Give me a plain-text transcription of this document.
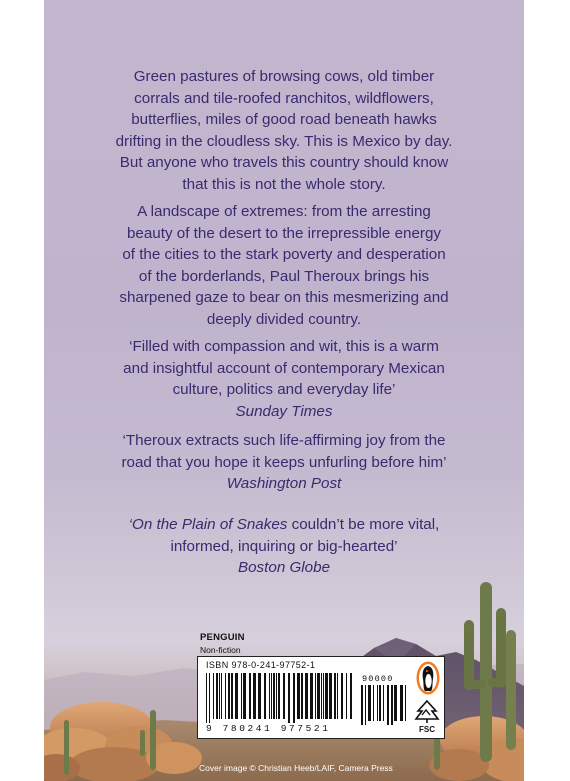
Green pastures of browsing cows, old timber
corrals and tile-roofed ranchitos, wildflowers,
butterflies, miles of good road beneath hawks
drifting in the cloudless sky. This is Mexico by day.
But anyone who travels this country should know
that this is not the whole story.

A landscape of extremes: from the arresting
beauty of the desert to the irrepressible energy
of the cities to the stark poverty and desperation
of the borderlands, Paul Theroux brings his
sharpened gaze to bear on this mesmerizing and
deeply divided country.

‘Filled with compassion and wit, this is a warm
and insightful account of contemporary Mexican
culture, politics and everyday life’
Sunday Times

‘Theroux extracts such life-affirming joy from the
road that you hope it keeps unfurling before him’
Washington Post

‘On the Plain of Snakes couldn’t be more vital,
informed, inquiring or big-hearted’
Boston Globe

PENGUIN
Non-fiction
ISBN 978-0-241-97752-1
9 780241 977521
90000
FSC
Cover image © Christian Heeb/LAIF, Camera Press
